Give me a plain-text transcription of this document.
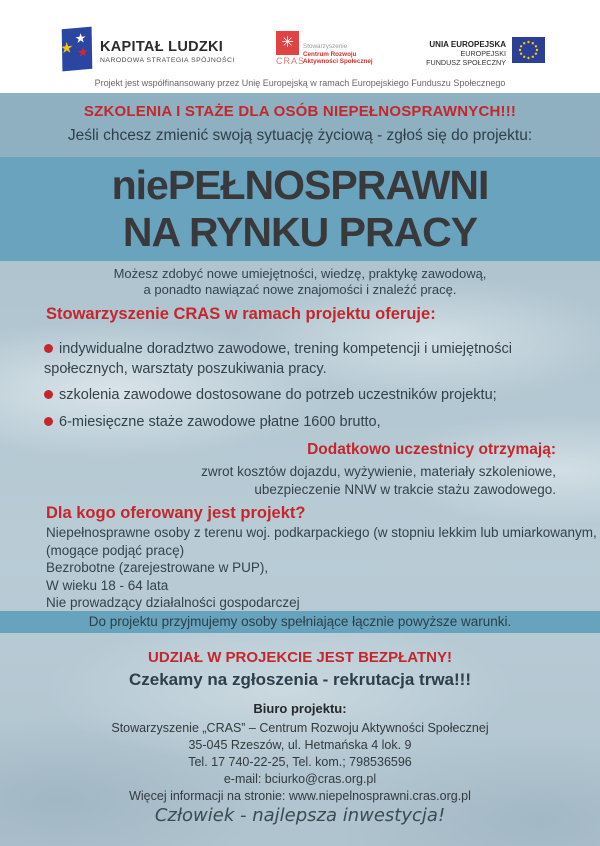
★
★
★ KAPITAŁ LUDZKI
NARODOWA STRATEGIA SPÓJNOŚCI
✳
CRAS
Stowarzyszenie
Centrum Rozwoju
Aktywności Społecznej
UNIA EUROPEJSKA
EUROPEJSKI
FUNDUSZ SPOŁECZNY
Projekt jest współfinansowany przez Unię Europejską w ramach Europejskiego Funduszu Społecznego
SZKOLENIA I STAŻE DLA OSÓB NIEPEŁNOSPRAWNYCH!!!
Jeśli chcesz zmienić swoją sytuację życiową - zgłoś się do projektu:
niePEŁNOSPRAWNI
NA RYNKU PRACY
Możesz zdobyć nowe umiejętności, wiedzę, praktykę zawodową,
a ponadto nawiązać nowe znajomości i znaleźć pracę.
Stowarzyszenie CRAS w ramach projektu oferuje:
indywidualne doradztwo zawodowe, trening kompetencji i umiejętności społecznych, warsztaty poszukiwania pracy.
szkolenia zawodowe dostosowane do potrzeb uczestników projektu;
6-miesięczne staże zawodowe płatne 1600 brutto,
Dodatkowo uczestnicy otrzymają:
zwrot kosztów dojazdu, wyżywienie, materiały szkoleniowe,
ubezpieczenie NNW w trakcie stażu zawodowego.
Dla kogo oferowany jest projekt?
Niepełnosprawne osoby z terenu woj. podkarpackiego (w stopniu lekkim lub umiarkowanym,
(mogące podjąć pracę)
Bezrobotne (zarejestrowane w PUP),
W wieku 18 - 64 lata
Nie prowadzący działalności gospodarczej
Do projektu przyjmujemy osoby spełniające łącznie powyższe warunki.
UDZIAŁ W PROJEKCIE JEST BEZPŁATNY!
Czekamy na zgłoszenia - rekrutacja trwa!!!
Biuro projektu:
Stowarzyszenie „CRAS” – Centrum Rozwoju Aktywności Społecznej
35-045 Rzeszów, ul. Hetmańska 4 lok. 9
Tel. 17 740-22-25, Tel. kom.; 798536596
e-mail: bciurko@cras.org.pl
Więcej informacji na stronie: www.niepelnosprawni.cras.org.pl
Człowiek - najlepsza inwestycja!
